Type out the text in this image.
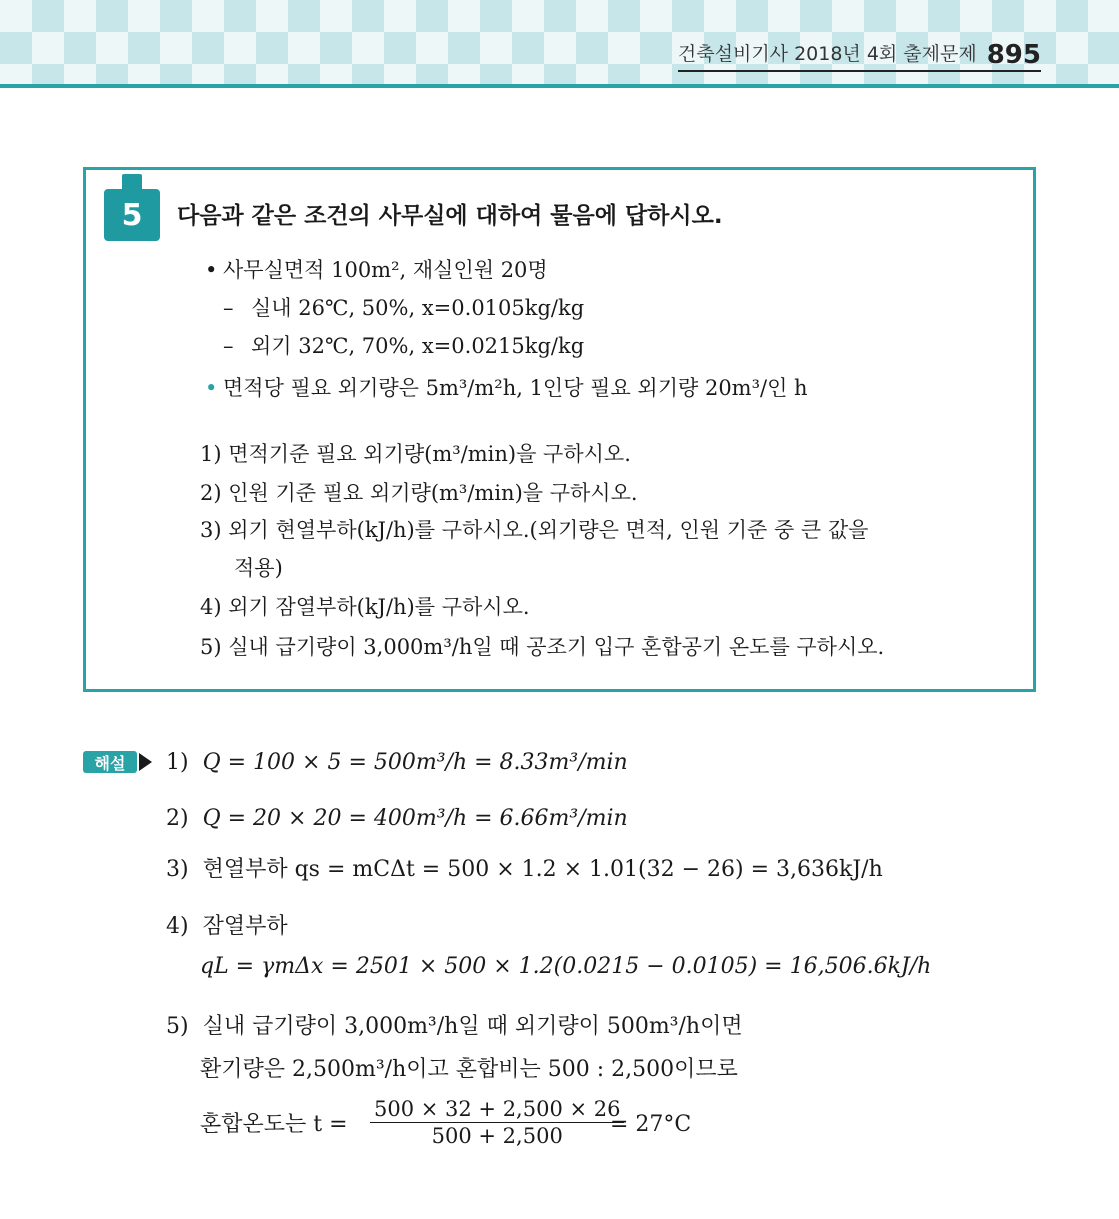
건축설비기사 2018년 4회 출제문제 895
5	다음과 같은 조건의 사무실에 대하여 물음에 답하시오.
• 사무실면적 100m², 재실인원 20명
– 실내 26℃, 50%, x=0.0105kg/kg
– 외기 32℃, 70%, x=0.0215kg/kg
• 면적당 필요 외기량은 5m³/m²h, 1인당 필요 외기량 20m³/인 h
1) 면적기준 필요 외기량(m³/min)을 구하시오.
2) 인원 기준 필요 외기량(m³/min)을 구하시오.
3) 외기 현열부하(kJ/h)를 구하시오.(외기량은 면적, 인원 기준 중 큰 값을
적용)
4) 외기 잠열부하(kJ/h)를 구하시오.
5) 실내 급기량이 3,000m³/h일 때 공조기 입구 혼합공기 온도를 구하시오.
해설	1) Q = 100 × 5 = 500m³/h = 8.33m³/min
2) Q = 20 × 20 = 400m³/h = 6.66m³/min
3) 현열부하 qs = mCΔt = 500 × 1.2 × 1.01(32 − 26) = 3,636kJ/h
4) 잠열부하
qL = γmΔx = 2501 × 500 × 1.2(0.0215 − 0.0105) = 16,506.6kJ/h
5) 실내 급기량이 3,000m³/h일 때 외기량이 500m³/h이면
환기량은 2,500m³/h이고 혼합비는 500 : 2,500이므로
혼합온도는 $t = \frac{500 \times 32 + 2,500 \times 26}{500 + 2,500}$
= 27°C
